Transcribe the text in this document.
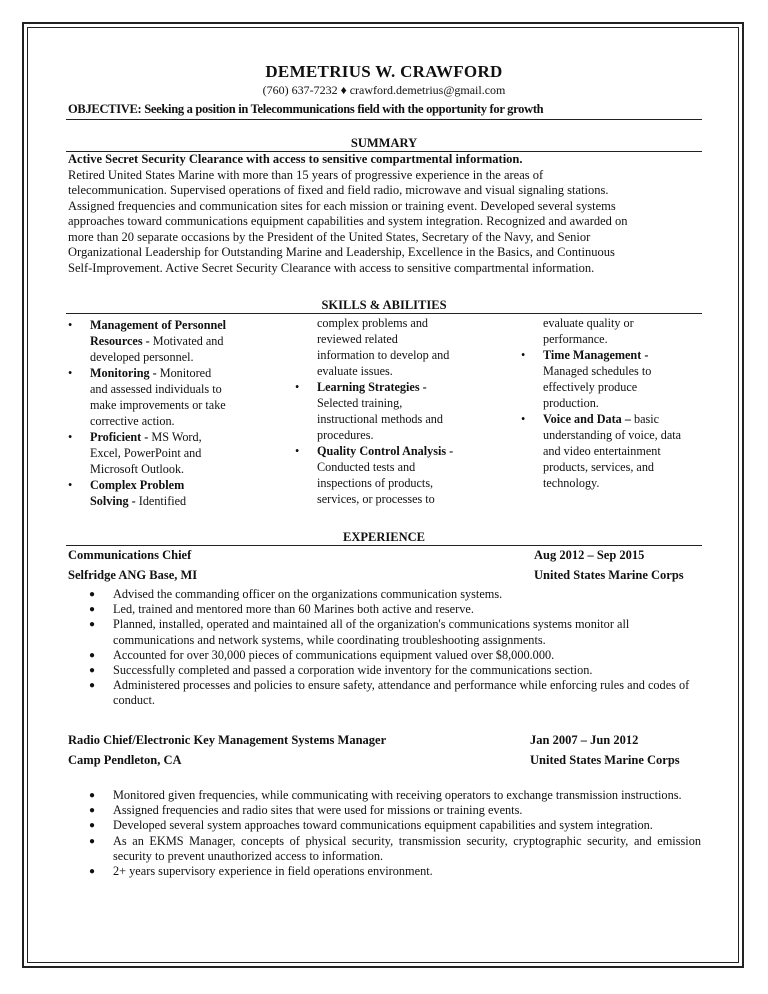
DEMETRIUS W. CRAWFORD
(760) 637-7232 ♦ crawford.demetrius@gmail.com
OBJECTIVE: Seeking a position in Telecommunications field with the opportunity for growth
SUMMARY
Active Secret Security Clearance with access to sensitive compartmental information.
Retired United States Marine with more than 15 years of progressive experience in the areas of
telecommunication. Supervised operations of fixed and field radio, microwave and visual signaling stations.
Assigned frequencies and communication sites for each mission or training event. Developed several systems
approaches toward communications equipment capabilities and system integration. Recognized and awarded on
more than 20 separate occasions by the President of the United States, Secretary of the Navy, and Senior
Organizational Leadership for Outstanding Marine and Leadership, Excellence in the Basics, and Continuous
Self-Improvement. Active Secret Security Clearance with access to sensitive compartmental information.
SKILLS & ABILITIES
• Management of Personnel
Resources - Motivated and
developed personnel.
• Monitoring - Monitored
and assessed individuals to
make improvements or take
corrective action.
• Proficient - MS Word,
Excel, PowerPoint and
Microsoft Outlook.
• Complex Problem
Solving - Identified
complex problems and
reviewed related
information to develop and
evaluate issues.
• Learning Strategies -
Selected training,
instructional methods and
procedures.
• Quality Control Analysis -
Conducted tests and
inspections of products,
services, or processes to
evaluate quality or
performance.
• Time Management -
Managed schedules to
effectively produce
production.
• Voice and Data – basic
understanding of voice, data
and video entertainment
products, services, and
technology.
EXPERIENCE
Communications Chief	Aug 2012 – Sep 2015
Selfridge ANG Base, MI	United States Marine Corps
● Advised the commanding officer on the organizations communication systems.
● Led, trained and mentored more than 60 Marines both active and reserve.
● Planned, installed, operated and maintained all of the organization's communications systems monitor all communications and network systems, while coordinating troubleshooting assignments.
● Accounted for over 30,000 pieces of communications equipment valued over $8,000.000.
● Successfully completed and passed a corporation wide inventory for the communications section.
● Administered processes and policies to ensure safety, attendance and performance while enforcing rules and codes of conduct.
Radio Chief/Electronic Key Management Systems Manager	Jan 2007 – Jun 2012
Camp Pendleton, CA	United States Marine Corps
● Monitored given frequencies, while communicating with receiving operators to exchange transmission instructions.
● Assigned frequencies and radio sites that were used for missions or training events.
● Developed several system approaches toward communications equipment capabilities and system integration.
● As an EKMS Manager, concepts of physical security, transmission security, cryptographic security, and emission security to prevent unauthorized access to information.
● 2+ years supervisory experience in field operations environment.
